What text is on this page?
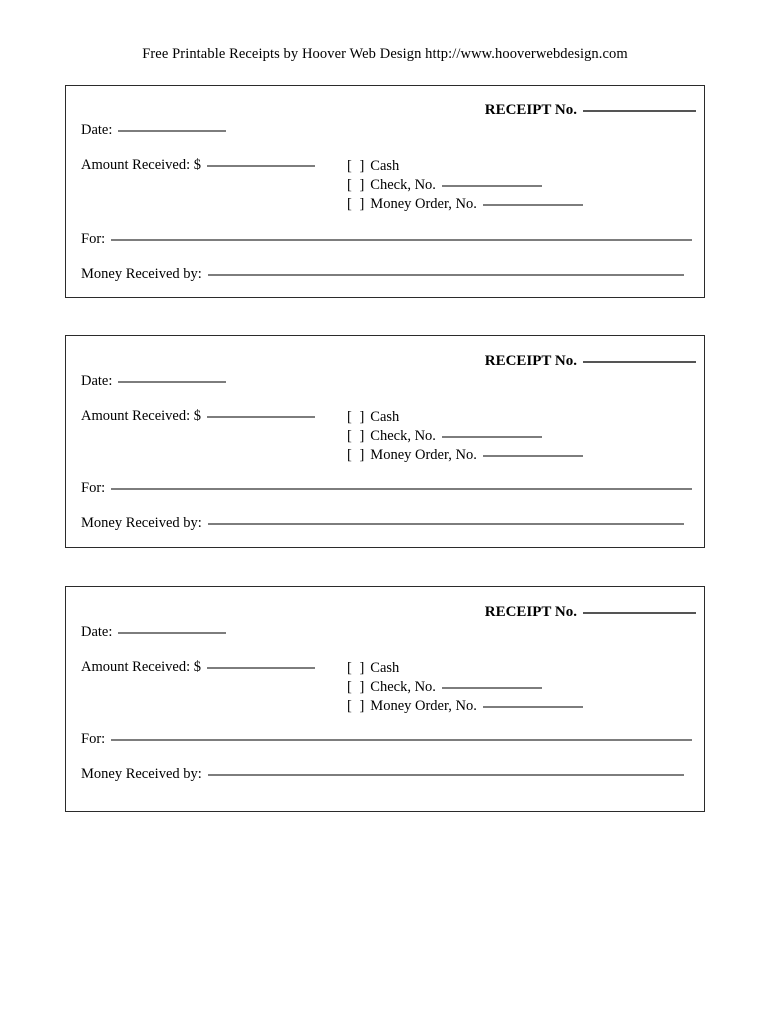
Free Printable Receipts by Hoover Web Design http://www.hooverwebdesign.com
RECEIPT No.
Date:
Amount Received: $	[ ] Cash
[ ] Check, No.
[ ] Money Order, No.
For:
Money Received by:
RECEIPT No.
Date:
Amount Received: $	[ ] Cash
[ ] Check, No.
[ ] Money Order, No.
For:
Money Received by:
RECEIPT No.
Date:
Amount Received: $	[ ] Cash
[ ] Check, No.
[ ] Money Order, No.
For:
Money Received by:
